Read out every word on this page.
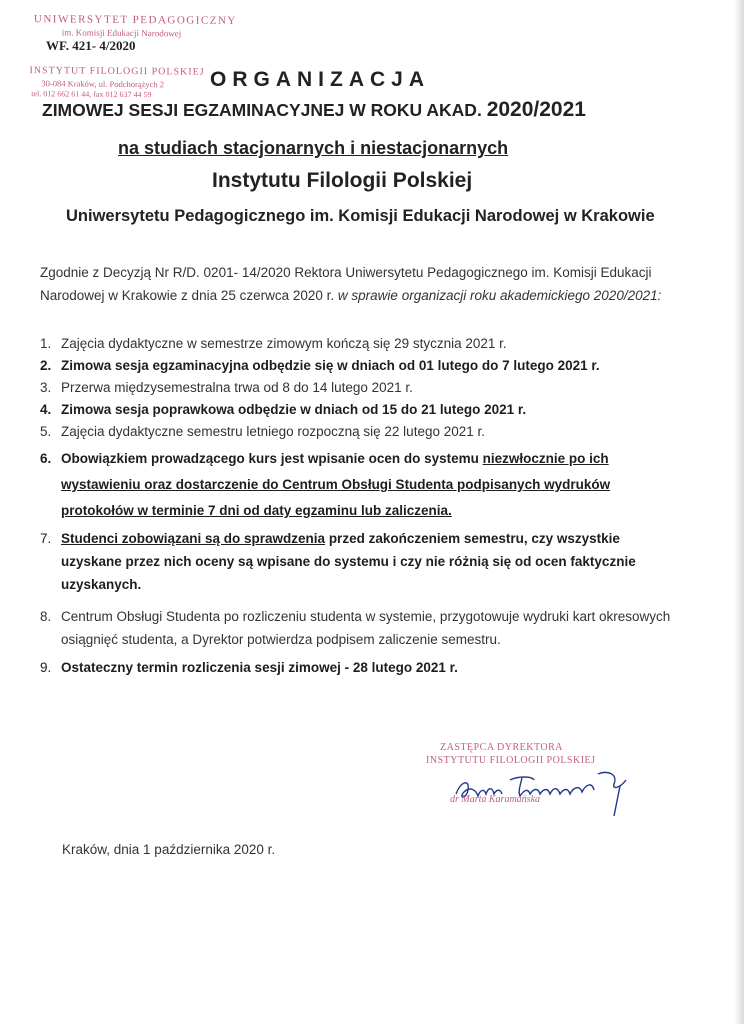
UNIWERSYTET PEDAGOGICZNY
im. Komisji Edukacji Narodowej
INSTYTUT FILOLOGII POLSKIEJ
30-084 Kraków, ul. Podchorążych 2
tel. 012 662 61 44, fax 012 637 44 59
WF. 421- 4/2020
ORGANIZACJA
ZIMOWEJ SESJI EGZAMINACYJNEJ W ROKU AKAD. 2020/2021
na studiach stacjonarnych i niestacjonarnych
Instytutu Filologii Polskiej
Uniwersytetu Pedagogicznego im. Komisji Edukacji Narodowej w Krakowie
Zgodnie z Decyzją Nr R/D. 0201- 14/2020 Rektora Uniwersytetu Pedagogicznego im. Komisji Edukacji Narodowej w Krakowie z dnia 25 czerwca 2020 r. w sprawie organizacji roku akademickiego 2020/2021:
1. Zajęcia dydaktyczne w semestrze zimowym kończą się 29 stycznia 2021 r.
2. Zimowa sesja egzaminacyjna odbędzie się w dniach od 01 lutego do 7 lutego 2021 r.
3. Przerwa międzysemestralna trwa od 8 do 14 lutego 2021 r.
4. Zimowa sesja poprawkowa odbędzie w dniach od 15 do 21 lutego 2021 r.
5. Zajęcia dydaktyczne semestru letniego rozpoczną się 22 lutego 2021 r.
6. Obowiązkiem prowadzącego kurs jest wpisanie ocen do systemu niezwłocznie po ich wystawieniu oraz dostarczenie do Centrum Obsługi Studenta podpisanych wydruków protokołów w terminie 7 dni od daty egzaminu lub zaliczenia.
7. Studenci zobowiązani są do sprawdzenia przed zakończeniem semestru, czy wszystkie uzyskane przez nich oceny są wpisane do systemu i czy nie różnią się od ocen faktycznie uzyskanych.
8. Centrum Obsługi Studenta po rozliczeniu studenta w systemie, przygotowuje wydruki kart okresowych osiągnięć studenta, a Dyrektor potwierdza podpisem zaliczenie semestru.
9. Ostateczny termin rozliczenia sesji zimowej - 28 lutego 2021 r.
ZASTĘPCA DYREKTORA
INSTYTUTU FILOLOGII POLSKIEJ
dr Marta Karamańska
Kraków, dnia 1 października 2020 r.
